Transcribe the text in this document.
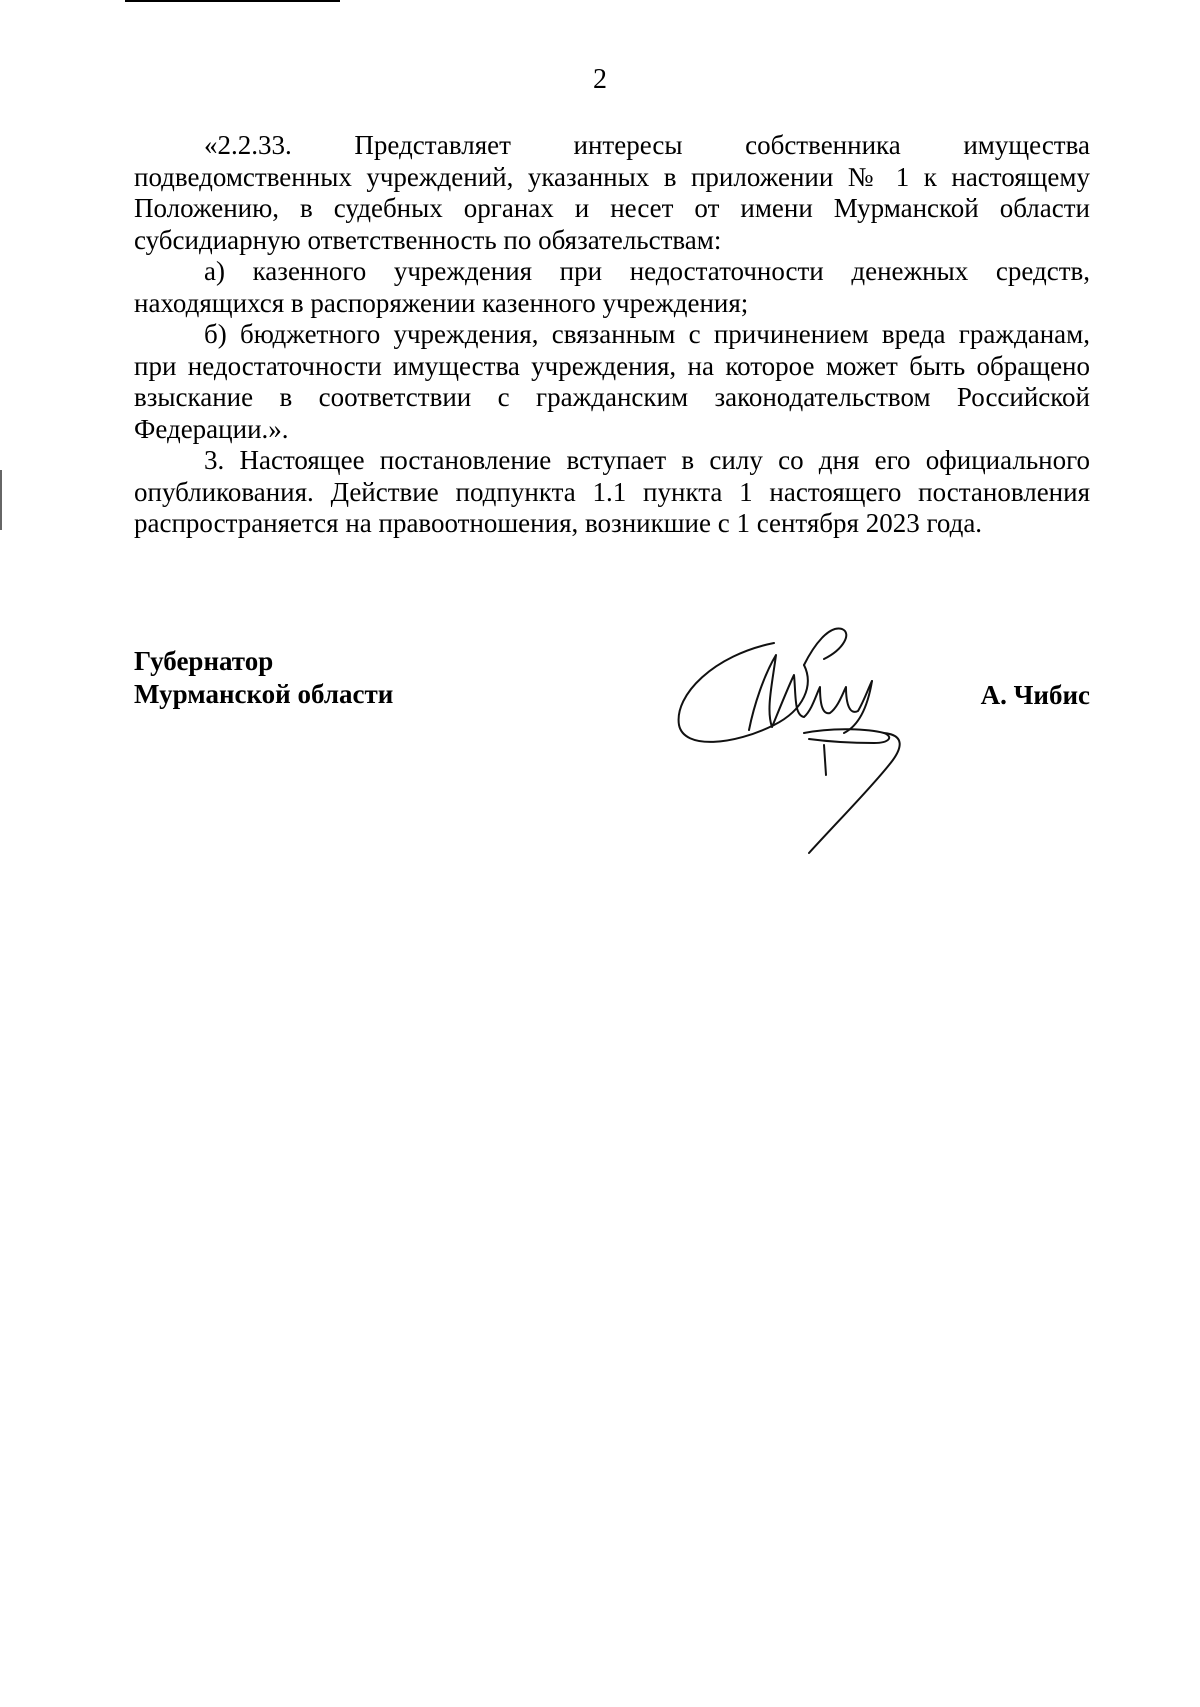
2

«2.2.33. Представляет интересы собственника имущества подведомственных учреждений, указанных в приложении № 1 к настоящему Положению, в судебных органах и несет от имени Мурманской области субсидиарную ответственность по обязательствам:

а) казенного учреждения при недостаточности денежных средств, находящихся в распоряжении казенного учреждения;

б) бюджетного учреждения, связанным с причинением вреда гражданам, при недостаточности имущества учреждения, на которое может быть обращено взыскание в соответствии с гражданским законодательством Российской Федерации.».

3. Настоящее постановление вступает в силу со дня его официального опубликования. Действие подпункта 1.1 пункта 1 настоящего постановления распространяется на правоотношения, возникшие с 1 сентября 2023 года.

Губернатор
Мурманской области	А. Чибис
